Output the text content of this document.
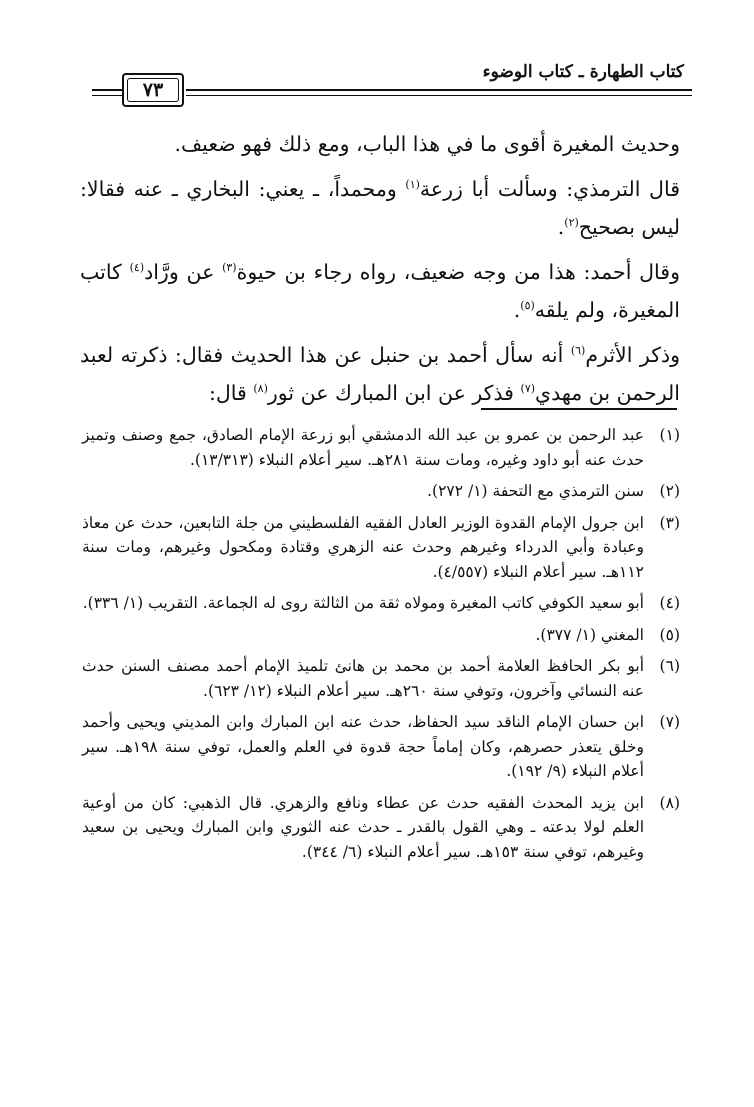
كتاب الطهارة ـ كتاب الوضوء
٧٣

وحديث المغيرة أقوى ما في هذا الباب، ومع ذلك فهو ضعيف.

قال الترمذي: وسألت أبا زرعة$^{(١)}$ ومحمداً، ـ يعني: البخاري ـ عنه فقالا: ليس بصحيح$^{(٢)}$.

وقال أحمد: هذا من وجه ضعيف، رواه رجاء بن حيوة$^{(٣)}$ عن ورَّاد$^{(٤)}$ كاتب المغيرة، ولم يلقه$^{(٥)}$.

وذكر الأثرم$^{(٦)}$ أنه سأل أحمد بن حنبل عن هذا الحديث فقال: ذكرته لعبد الرحمن بن مهدي$^{(٧)}$ فذكر عن ابن المبارك عن ثور$^{(٨)}$ قال:

(١)
عبد الرحمن بن عمرو بن عبد الله الدمشقي أبو زرعة الإمام الصادق، جمع وصنف وتميز حدث عنه أبو داود وغيره، ومات سنة ٢٨١هـ. سير أعلام النبلاء (١٣/٣١٣).
(٢)
سنن الترمذي مع التحفة (١/ ٢٧٢).
(٣)
ابن جرول الإمام القدوة الوزير العادل الفقيه الفلسطيني من جلة التابعين، حدث عن معاذ وعبادة وأبي الدرداء وغيرهم وحدث عنه الزهري وقتادة ومكحول وغيرهم، ومات سنة ١١٢هـ. سير أعلام النبلاء (٤/٥٥٧).
(٤)
أبو سعيد الكوفي كاتب المغيرة ومولاه ثقة من الثالثة روى له الجماعة. التقريب (١/ ٣٣٦).
(٥)
المغني (١/ ٣٧٧).
(٦)
أبو بكر الحافظ العلامة أحمد بن محمد بن هانئ تلميذ الإمام أحمد مصنف السنن حدث عنه النسائي وآخرون، وتوفي سنة ٢٦٠هـ. سير أعلام النبلاء (١٢/ ٦٢٣).
(٧)
ابن حسان الإمام الناقد سيد الحفاظ، حدث عنه ابن المبارك وابن المديني ويحيى وأحمد وخلق يتعذر حصرهم، وكان إماماً حجة قدوة في العلم والعمل، توفي سنة ١٩٨هـ. سير أعلام النبلاء (٩/ ١٩٢).
(٨)
ابن يزيد المحدث الفقيه حدث عن عطاء ونافع والزهري. قال الذهبي: كان من أوعية العلم لولا بدعته ـ وهي القول بالقدر ـ حدث عنه الثوري وابن المبارك ويحيى بن سعيد وغيرهم، توفي سنة ١٥٣هـ. سير أعلام النبلاء (٦/ ٣٤٤).
